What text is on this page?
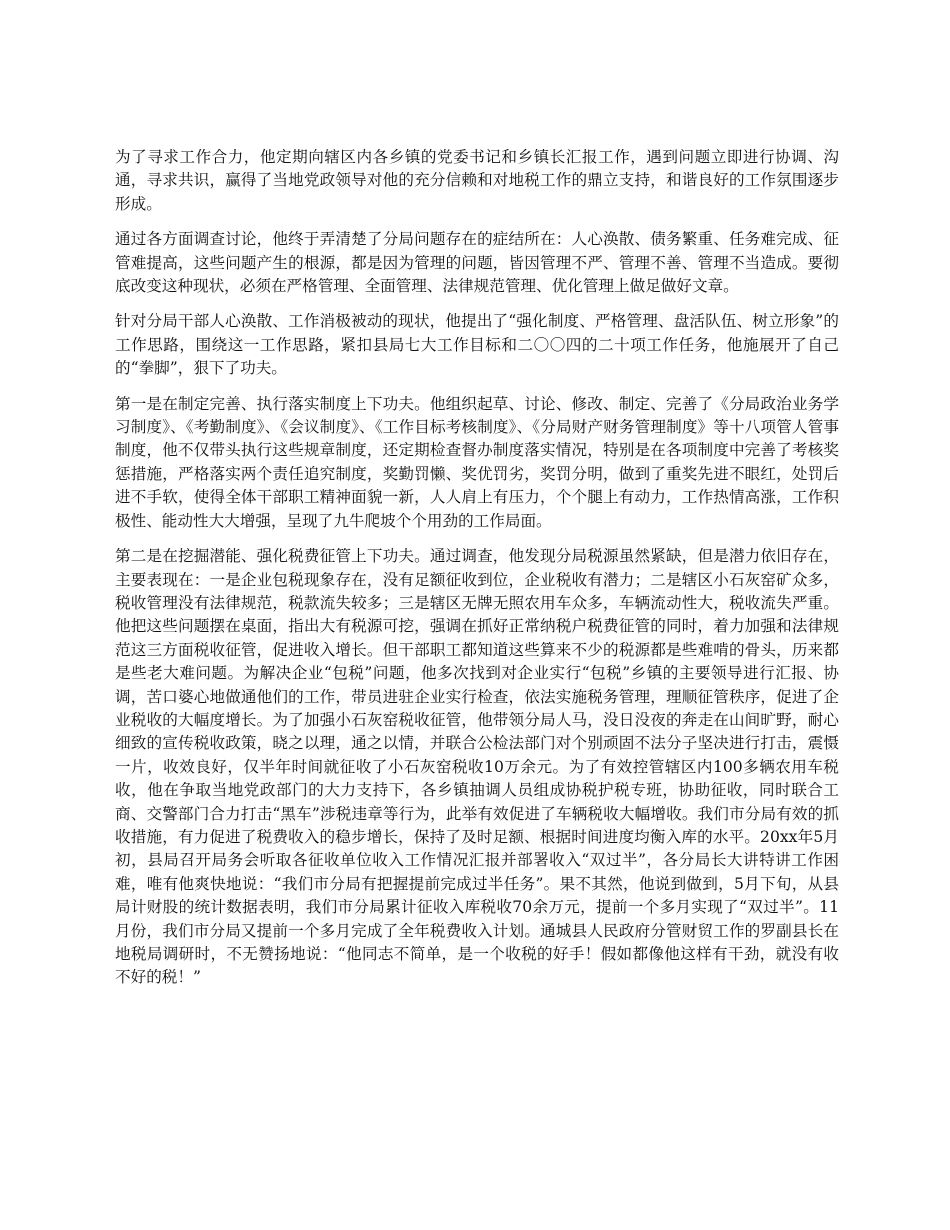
为了寻求工作合力，他定期向辖区内各乡镇的党委书记和乡镇长汇报工作，遇到问题立即进行协调、沟通，寻求共识，赢得了当地党政领导对他的充分信赖和对地税工作的鼎立支持，和谐良好的工作氛围逐步形成。

通过各方面调查讨论，他终于弄清楚了分局问题存在的症结所在：人心涣散、债务繁重、任务难完成、征管难提高，这些问题产生的根源，都是因为管理的问题，皆因管理不严、管理不善、管理不当造成。要彻底改变这种现状，必须在严格管理、全面管理、法律规范管理、优化管理上做足做好文章。

针对分局干部人心涣散、工作消极被动的现状，他提出了“强化制度、严格管理、盘活队伍、树立形象”的工作思路，围绕这一工作思路，紧扣县局七大工作目标和二〇〇四的二十项工作任务，他施展开了自己的“拳脚”，狠下了功夫。

第一是在制定完善、执行落实制度上下功夫。他组织起草、讨论、修改、制定、完善了《分局政治业务学习制度》、《考勤制度》、《会议制度》、《工作目标考核制度》、《分局财产财务管理制度》等十八项管人管事制度，他不仅带头执行这些规章制度，还定期检查督办制度落实情况，特别是在各项制度中完善了考核奖惩措施，严格落实两个责任追究制度，奖勤罚懒、奖优罚劣，奖罚分明，做到了重奖先进不眼红，处罚后进不手软，使得全体干部职工精神面貌一新，人人肩上有压力，个个腿上有动力，工作热情高涨，工作积极性、能动性大大增强，呈现了九牛爬坡个个用劲的工作局面。

第二是在挖掘潜能、强化税费征管上下功夫。通过调查，他发现分局税源虽然紧缺，但是潜力依旧存在，主要表现在：一是企业包税现象存在，没有足额征收到位，企业税收有潜力；二是辖区小石灰窑矿众多，税收管理没有法律规范，税款流失较多；三是辖区无牌无照农用车众多，车辆流动性大，税收流失严重。他把这些问题摆在桌面，指出大有税源可挖，强调在抓好正常纳税户税费征管的同时，着力加强和法律规范这三方面税收征管，促进收入增长。但干部职工都知道这些算来不少的税源都是些难啃的骨头，历来都是些老大难问题。为解决企业“包税”问题，他多次找到对企业实行“包税”乡镇的主要领导进行汇报、协调，苦口婆心地做通他们的工作，带员进驻企业实行检查，依法实施税务管理，理顺征管秩序，促进了企业税收的大幅度增长。为了加强小石灰窑税收征管，他带领分局人马，没日没夜的奔走在山间旷野，耐心细致的宣传税收政策，晓之以理，通之以情，并联合公检法部门对个别顽固不法分子坚决进行打击，震慑一片，收效良好，仅半年时间就征收了小石灰窑税收10万余元。为了有效控管辖区内100多辆农用车税收，他在争取当地党政部门的大力支持下，各乡镇抽调人员组成协税护税专班，协助征收，同时联合工商、交警部门合力打击“黑车”涉税违章等行为，此举有效促进了车辆税收大幅增收。我们市分局有效的抓收措施，有力促进了税费收入的稳步增长，保持了及时足额、根据时间进度均衡入库的水平。20xx年5月初，县局召开局务会听取各征收单位收入工作情况汇报并部署收入“双过半”，各分局长大讲特讲工作困难，唯有他爽快地说：“我们市分局有把握提前完成过半任务”。果不其然，他说到做到，5月下旬，从县局计财股的统计数据表明，我们市分局累计征收入库税收70余万元，提前一个多月实现了“双过半”。11月份，我们市分局又提前一个多月完成了全年税费收入计划。通城县人民政府分管财贸工作的罗副县长在地税局调研时，不无赞扬地说：“他同志不简单，是一个收税的好手！假如都像他这样有干劲，就没有收不好的税！”
